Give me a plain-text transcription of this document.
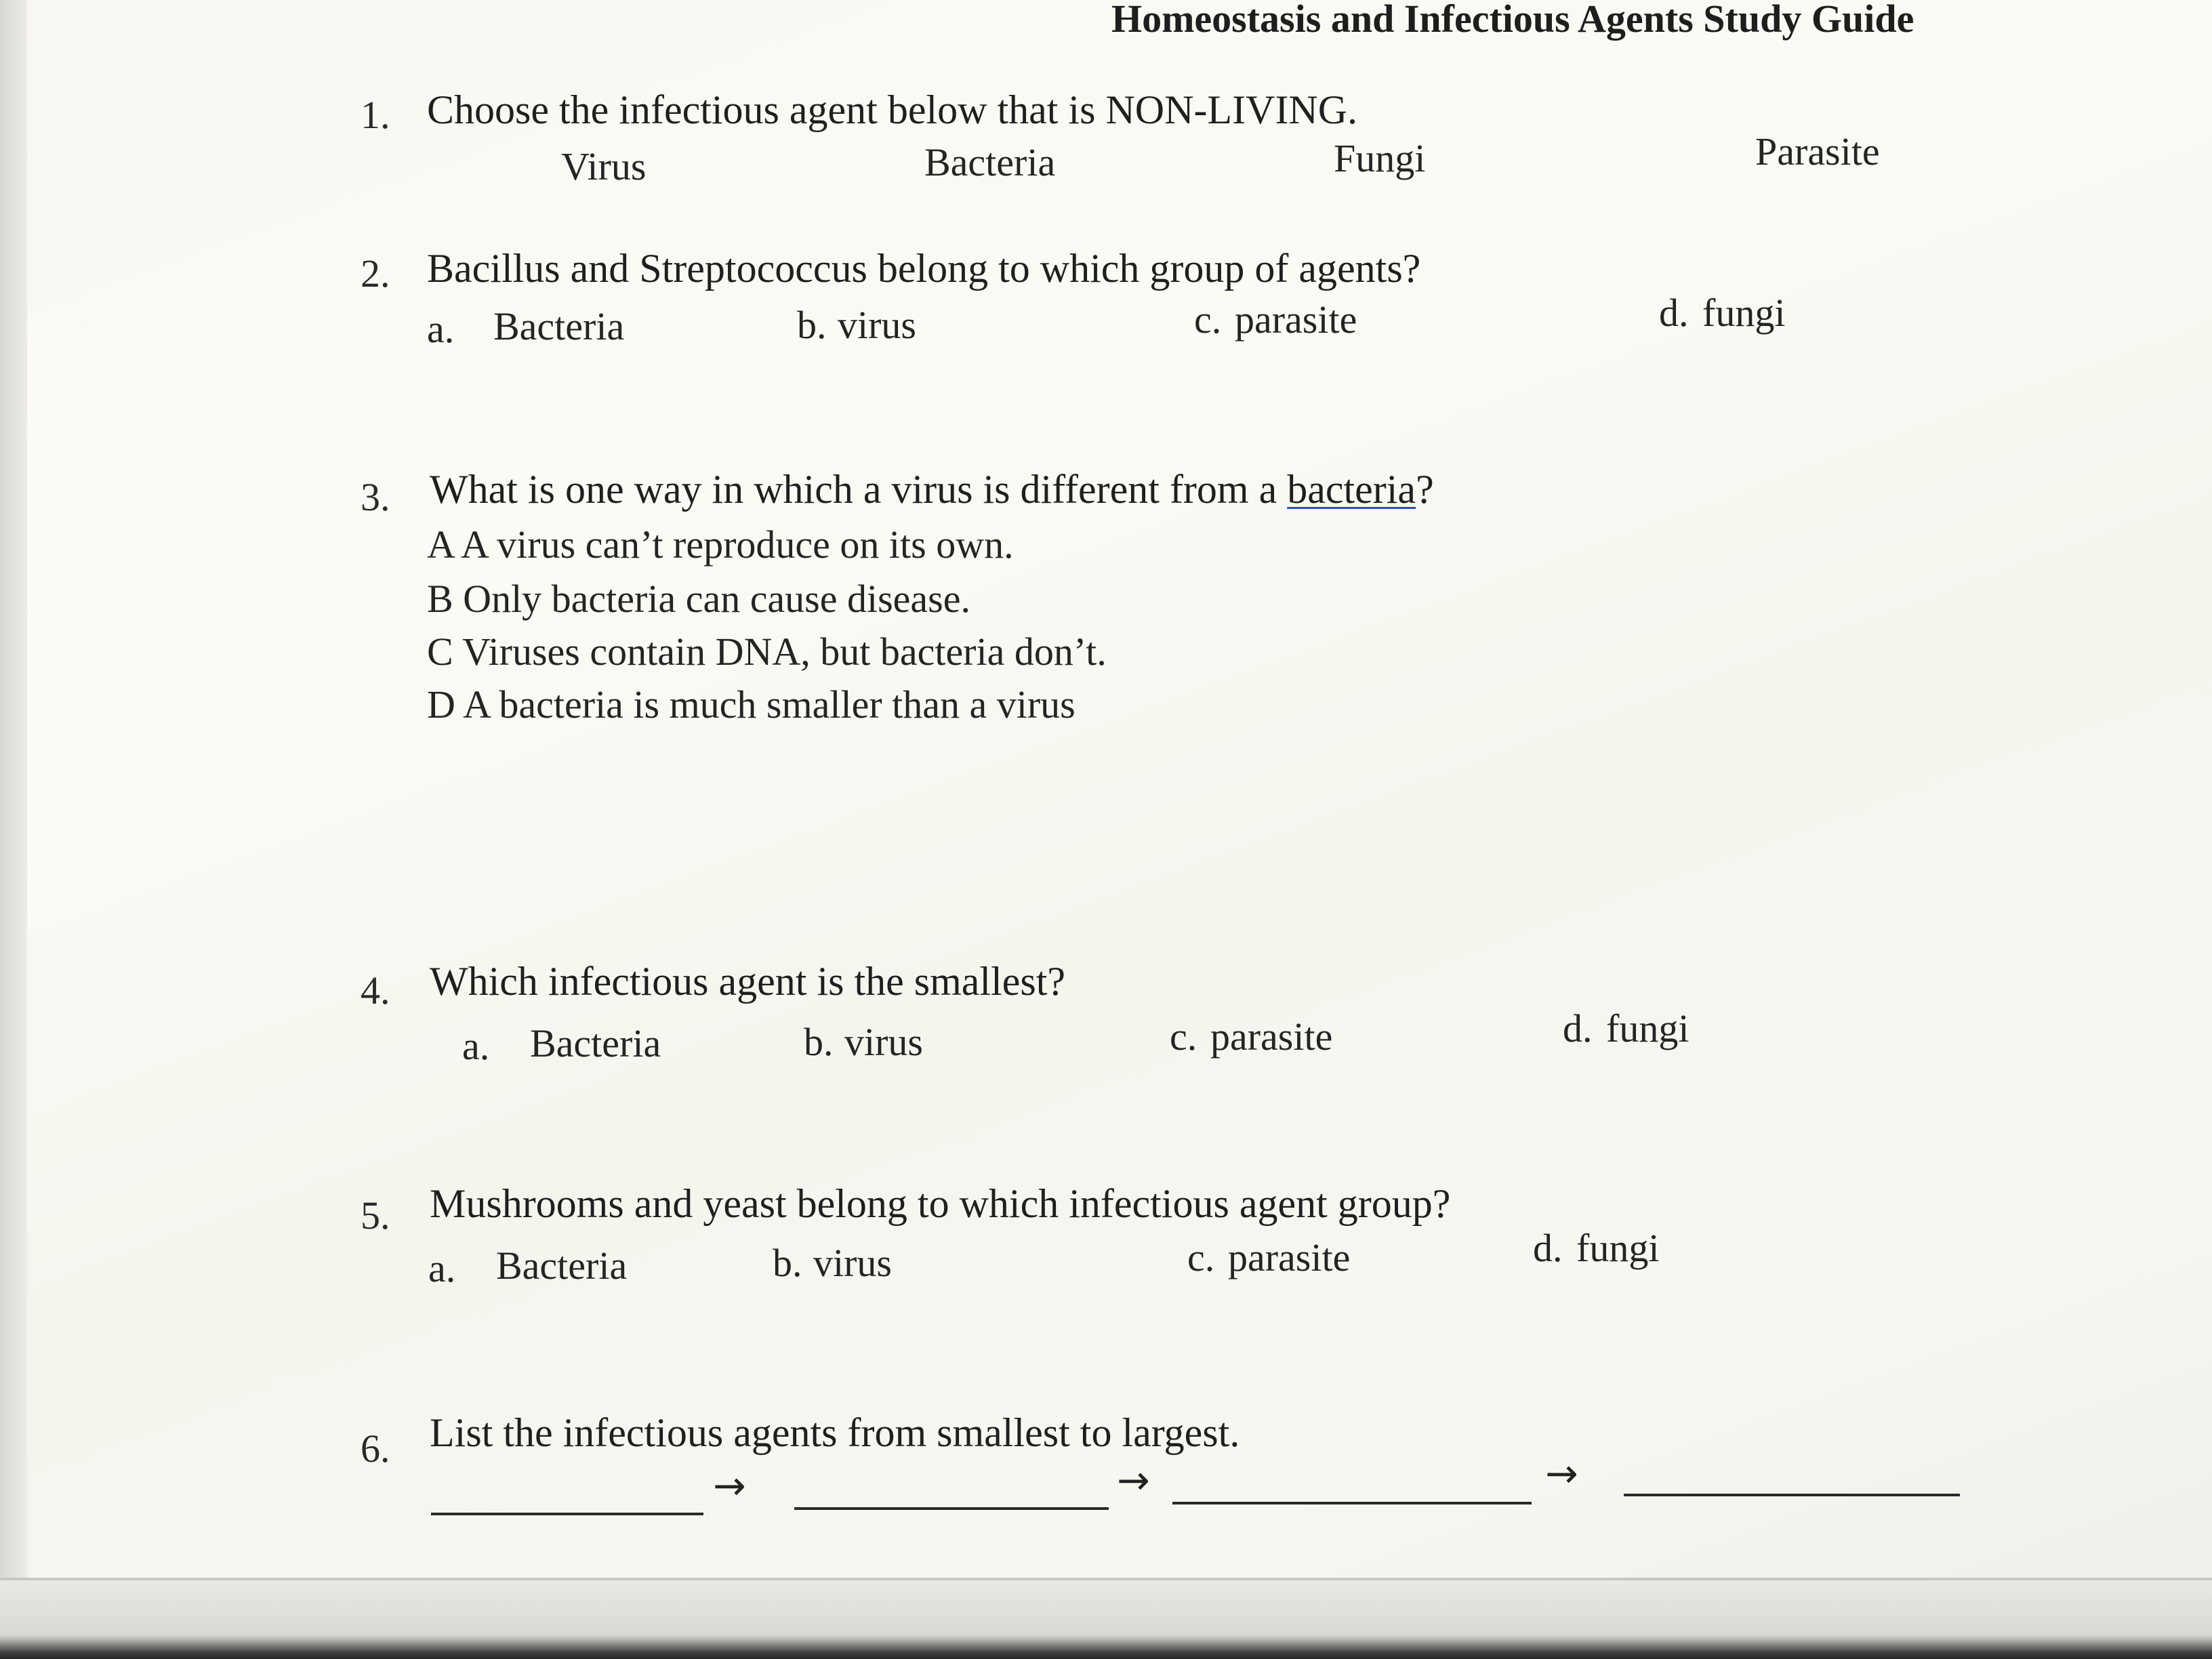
Homeostasis and Infectious Agents Study Guide
1. Choose the infectious agent below that is NON-LIVING.
Virus	Bacteria	Fungi	Parasite
2. Bacillus and Streptococcus belong to which group of agents?
a. Bacteria	b. virus	c. parasite	d. fungi
3. What is one way in which a virus is different from a bacteria?
A A virus can’t reproduce on its own.
B Only bacteria can cause disease.
C Viruses contain DNA, but bacteria don’t.
D A bacteria is much smaller than a virus
4. Which infectious agent is the smallest?
a. Bacteria	b. virus	c. parasite	d. fungi
5. Mushrooms and yeast belong to which infectious agent group?
a. Bacteria	b. virus	c. parasite	d. fungi
6. List the infectious agents from smallest to largest.
→	→	→
